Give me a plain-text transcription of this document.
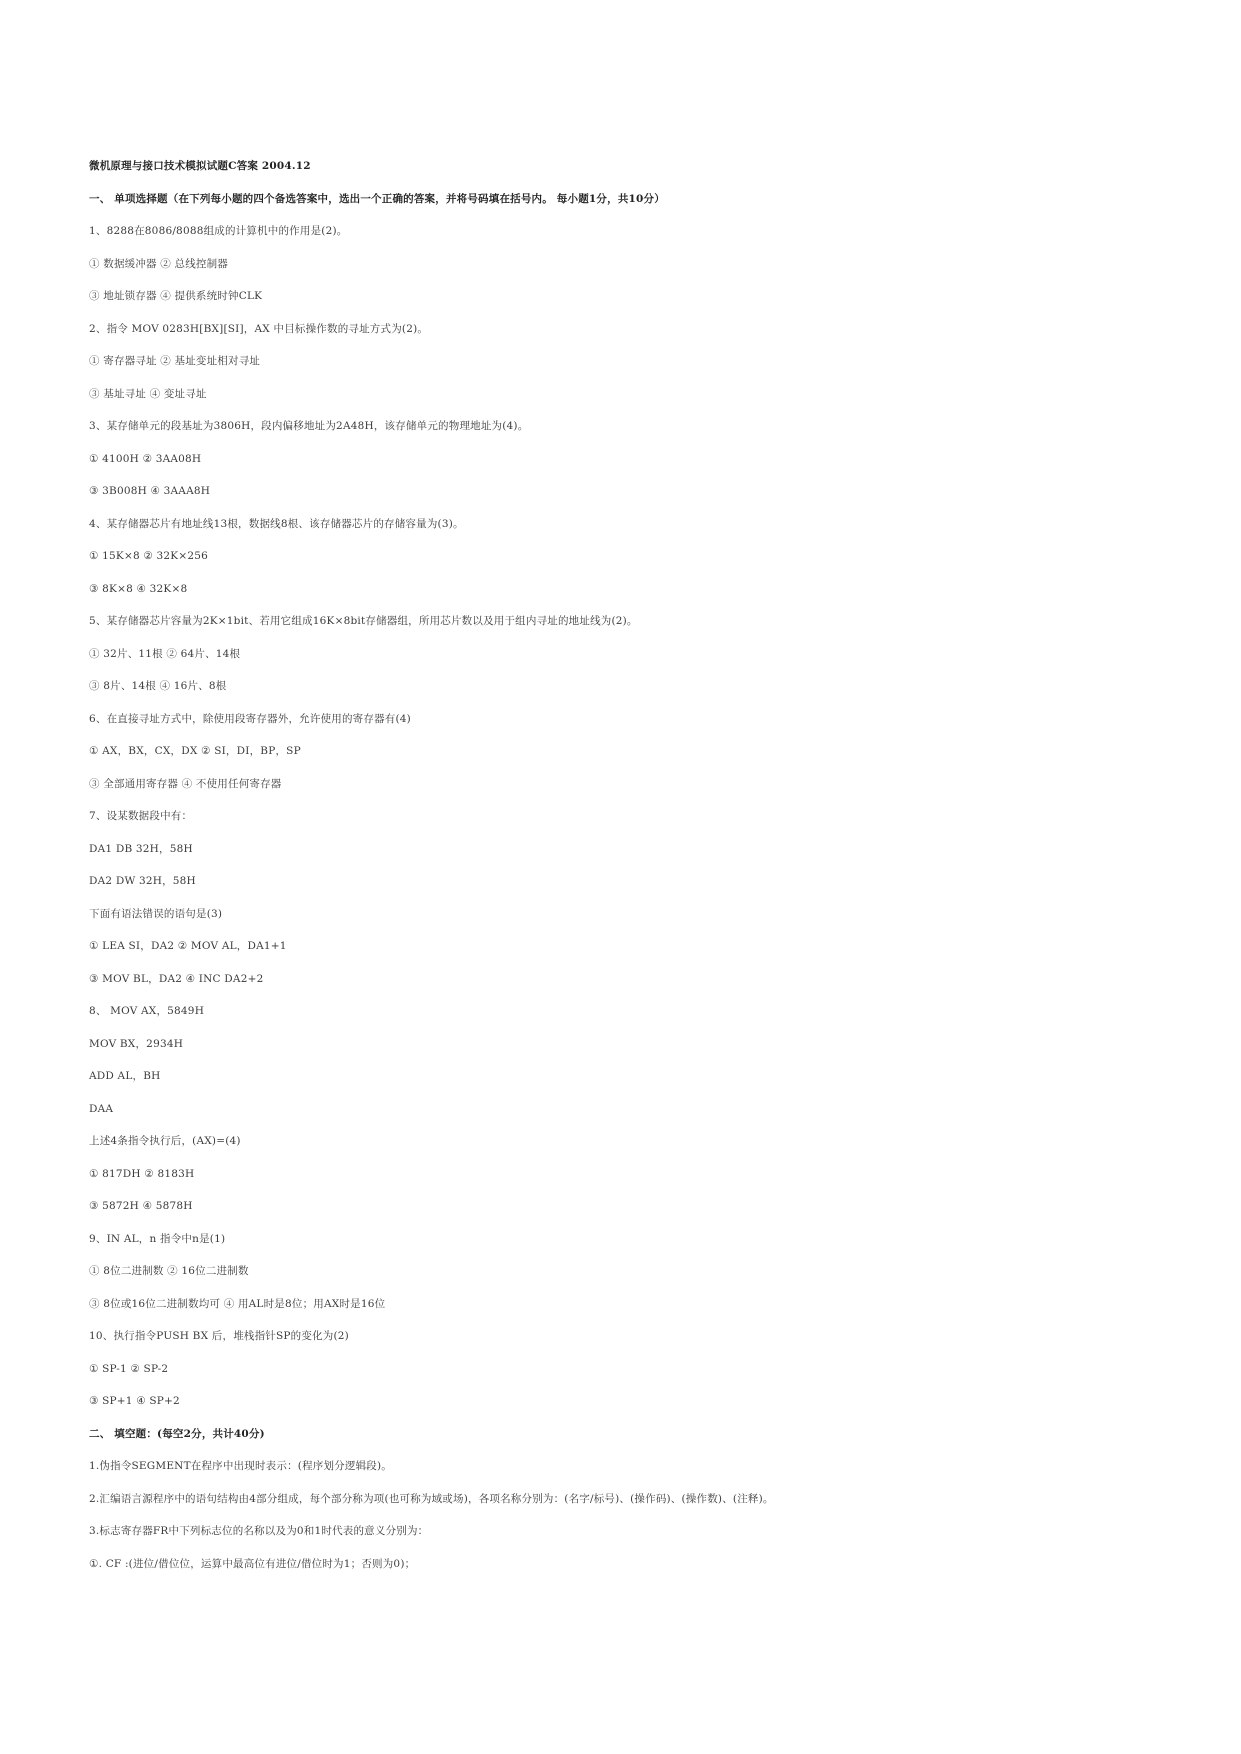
微机原理与接口技术模拟试题C答案 2004.12
一、 单项选择题（在下列每小题的四个备选答案中，选出一个正确的答案，并将号码填在括号内。 每小题1分，共10分）
1、8288在8086/8088组成的计算机中的作用是(2)。
① 数据缓冲器 ② 总线控制器
③ 地址锁存器 ④ 提供系统时钟CLK
2、指令 MOV 0283H[BX][SI]，AX 中目标操作数的寻址方式为(2)。
① 寄存器寻址 ② 基址变址相对寻址
③ 基址寻址 ④ 变址寻址
3、某存储单元的段基址为3806H，段内偏移地址为2A48H，该存储单元的物理地址为(4)。
① 4100H ② 3AA08H
③ 3B008H ④ 3AAA8H
4、某存储器芯片有地址线13根，数据线8根、该存储器芯片的存储容量为(3)。
① 15K×8 ② 32K×256
③ 8K×8 ④ 32K×8
5、某存储器芯片容量为2K×1bit、若用它组成16K×8bit存储器组，所用芯片数以及用于组内寻址的地址线为(2)。
① 32片、11根 ② 64片、14根
③ 8片、14根 ④ 16片、8根
6、在直接寻址方式中，除使用段寄存器外，允许使用的寄存器有(4)
① AX，BX，CX，DX ② SI，DI，BP，SP
③ 全部通用寄存器 ④ 不使用任何寄存器
7、设某数据段中有：
DA1 DB 32H，58H
DA2 DW 32H，58H
下面有语法错误的语句是(3)
① LEA SI，DA2 ② MOV AL，DA1+1
③ MOV BL，DA2 ④ INC DA2+2
8、 MOV AX，5849H
MOV BX，2934H
ADD AL，BH
DAA
上述4条指令执行后，(AX)=(4)
① 817DH ② 8183H
③ 5872H ④ 5878H
9、IN AL，n 指令中n是(1)
① 8位二进制数 ② 16位二进制数
③ 8位或16位二进制数均可 ④ 用AL时是8位；用AX时是16位
10、执行指令PUSH BX 后，堆栈指针SP的变化为(2)
① SP-1 ② SP-2
③ SP+1 ④ SP+2
二、 填空题：(每空2分，共计40分)
1.伪指令SEGMENT在程序中出现时表示：(程序划分逻辑段)。
2.汇编语言源程序中的语句结构由4部分组成，每个部分称为项(也可称为域或场)，各项名称分别为：(名字/标号)、(操作码)、(操作数)、(注释)。
3.标志寄存器FR中下列标志位的名称以及为0和1时代表的意义分别为：
①. CF :(进位/借位位，运算中最高位有进位/借位时为1；否则为0)；
